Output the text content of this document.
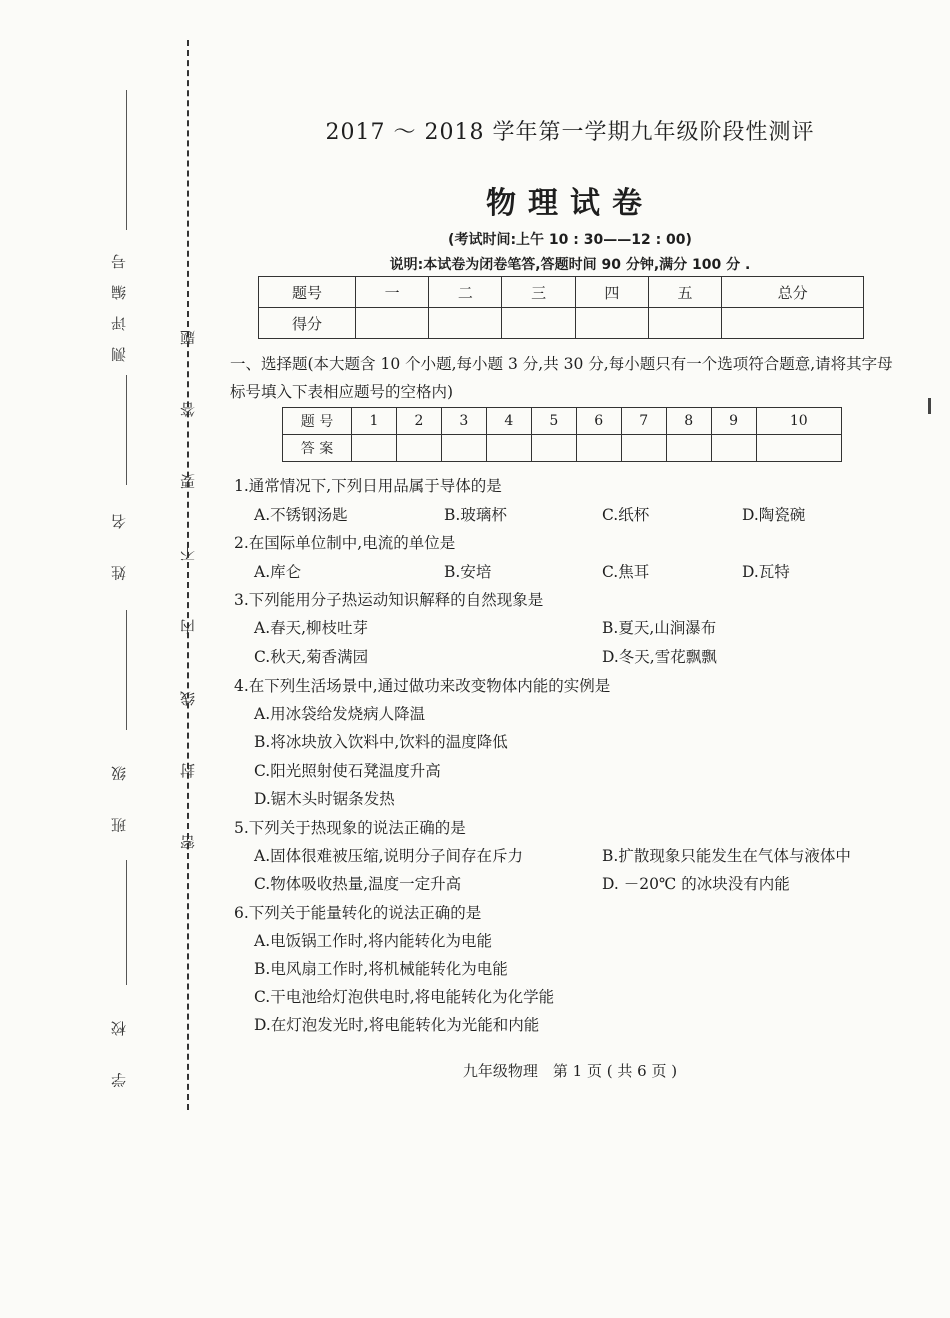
测评编号
姓 名
班 级
学 校
密
封
线
内
不
要
答
题
2017 ～ 2018 学年第一学期九年级阶段性测评
物理试卷
(考试时间:上午 10 : 30——12 : 00)
说明:本试卷为闭卷笔答,答题时间 90 分钟,满分 100 分 .
题号	一	二	三	四	五	总分
得分						
一、选择题(本大题含 10 个小题,每小题 3 分,共 30 分,每小题只有一个选项符合题意,请将其字母标号填入下表相应题号的空格内)
题 号	1	2	3	4	5	6	7	8	9	10
答 案										
1.通常情况下,下列日用品属于导体的是
A.不锈钢汤匙	B.玻璃杯	C.纸杯	D.陶瓷碗
2.在国际单位制中,电流的单位是
A.库仑	B.安培	C.焦耳	D.瓦特
3.下列能用分子热运动知识解释的自然现象是
A.春天,柳枝吐芽	B.夏天,山涧瀑布
C.秋天,菊香满园	D.冬天,雪花飘飘
4.在下列生活场景中,通过做功来改变物体内能的实例是
A.用冰袋给发烧病人降温
B.将冰块放入饮料中,饮料的温度降低
C.阳光照射使石凳温度升高
D.锯木头时锯条发热
5.下列关于热现象的说法正确的是
A.固体很难被压缩,说明分子间存在斥力	B.扩散现象只能发生在气体与液体中
C.物体吸收热量,温度一定升高	D. －20℃ 的冰块没有内能
6.下列关于能量转化的说法正确的是
A.电饭锅工作时,将内能转化为电能
B.电风扇工作时,将机械能转化为电能
C.干电池给灯泡供电时,将电能转化为化学能
D.在灯泡发光时,将电能转化为光能和内能
九年级物理　第 1 页 ( 共 6 页 )
